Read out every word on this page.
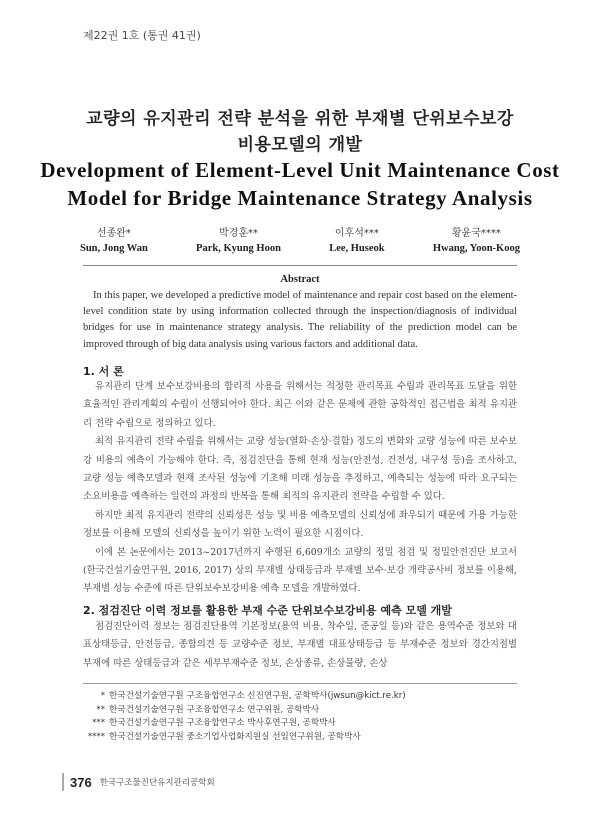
제22권 1호 (통권 41권)
교량의 유지관리 전략 분석을 위한 부재별 단위보수보강
비용모델의 개발
Development of Element-Level Unit Maintenance Cost
Model for Bridge Maintenance Strategy Analysis
선종완*
Sun, Jong Wan
박경훈**
Park, Kyung Hoon
이후석***
Lee, Huseok
황윤국****
Hwang, Yoon-Koog
Abstract
In this paper, we developed a predictive model of maintenance and repair cost based on the element-level condition state by using information collected through the inspection/diagnosis of individual bridges for use in maintenance strategy analysis. The reliability of the prediction model can be improved through of big data analysis using various factors and additional data.
1. 서 론

유지관리 단계 보수보강비용의 합리적 사용을 위해서는 적정한 관리목표 수립과 관리목표 도달을 위한 효율적인 관리계획의 수립이 선행되어야 한다. 최근 이와 같은 문제에 관한 공학적인 접근법을 최적 유지관리 전략 수립으로 정의하고 있다.

최적 유지관리 전략 수립을 위해서는 교량 성능(열화·손상·결함) 정도의 변화와 교량 성능에 따른 보수보강 비용의 예측이 가능해야 한다. 즉, 점검진단을 통해 현재 성능(안전성, 건전성, 내구성 등)을 조사하고, 교량 성능 예측모델과 현재 조사된 성능에 기초해 미래 성능을 추정하고, 예측되는 성능에 따라 요구되는 소요비용을 예측하는 일련의 과정의 반복을 통해 최적의 유지관리 전략을 수립할 수 있다.

하지만 최적 유지관리 전략의 신뢰성은 성능 및 비용 예측모델의 신뢰성에 좌우되기 때문에 가용 가능한 정보를 이용해 모델의 신뢰성을 높이기 위한 노력이 필요한 시점이다.

이에 본 논문에서는 2013~2017년까지 수행된 6,609개소 교량의 정밀 점검 및 정밀안전진단 보고서(한국건설기술연구원, 2016, 2017) 상의 부재별 상태등급과 부재별 보수·보강 개략공사비 정보를 이용해, 부재별 성능 수준에 따른 단위보수보강비용 예측 모델을 개발하였다.

2. 점검진단 이력 정보를 활용한 부재 수준 단위보수보강비용 예측 모델 개발

점검진단이력 정보는 점검진단용역 기본정보(용역 비용, 착수일, 준공일 등)와 같은 용역수준 정보와 대표상태등급, 안전등급, 종합의견 등 교량수준 정보, 부재별 대표상태등급 등 부재수준 정보와 경간지점별 부재에 따른 상태등급과 같은 세부부재수준 정보, 손상종류, 손상물량, 손상

* 한국건설기술연구원 구조융합연구소 신진연구원, 공학박사(jwsun@kict.re.kr)
** 한국건설기술연구원 구조융합연구소 연구위원, 공학박사
*** 한국건설기술연구원 구조융합연구소 박사후연구원, 공학박사
**** 한국건설기술연구원 중소기업사업화지원실 선임연구위원, 공학박사
376 한국구조물진단유지관리공학회
